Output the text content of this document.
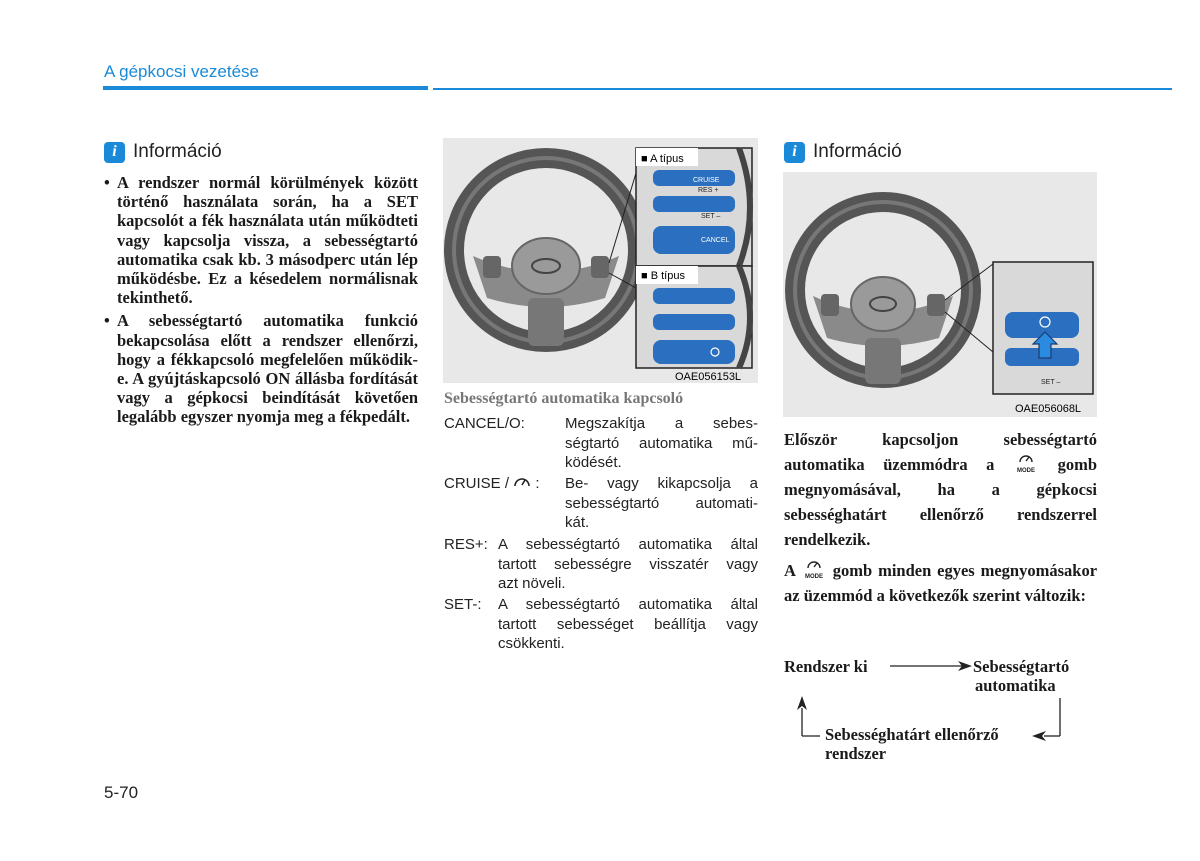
A gépkocsi vezetése
i Információ
• A rendszer normál körülmények között történő használata során, ha a SET kapcsolót a fék használata után működteti vagy kapcsolja vissza, a sebességtartó automatika csak kb. 3 másodperc után lép működésbe. Ez a késedelem normálisnak tekinthető.
• A sebességtartó automatika funkció bekapcsolása előtt a rendszer ellenőrzi, hogy a fékkapcsoló megfelelően működik-e. A gyújtáskapcsoló ON állásba fordítását vagy a gépkocsi beindítását követően legalább egyszer nyomja meg a fékpedált.
■ A típus
CRUISE
RES +
SET –
CANCEL
■ B típus
OAE056153L
Sebességtartó automatika kapcsoló
CANCEL/O:	Megszakítja a sebes-
ségtartó automatika mű-
ködését.
CRUISE / : Be- vagy kikapcsolja a
sebességtartó automati-
kát.
RES+: A sebességtartó automatika által
tartott sebességre visszatér vagy
azt növeli.
SET-: A sebességtartó automatika által
tartott sebességet beállítja vagy
csökkenti.
i Információ
SET –
OAE056068L

Először kapcsoljon sebességtartó automatika üzemmódra a	MODE gomb megnyomásával, ha a gépkocsi sebességhatárt ellenőrző rendszerrel rendelkezik.

A MODE gomb minden egyes megnyomásakor az üzemmód a következők szerint változik:

Rendszer ki	Sebességtartó
automatika
Sebességhatárt ellenőrző
rendszer
5-70
